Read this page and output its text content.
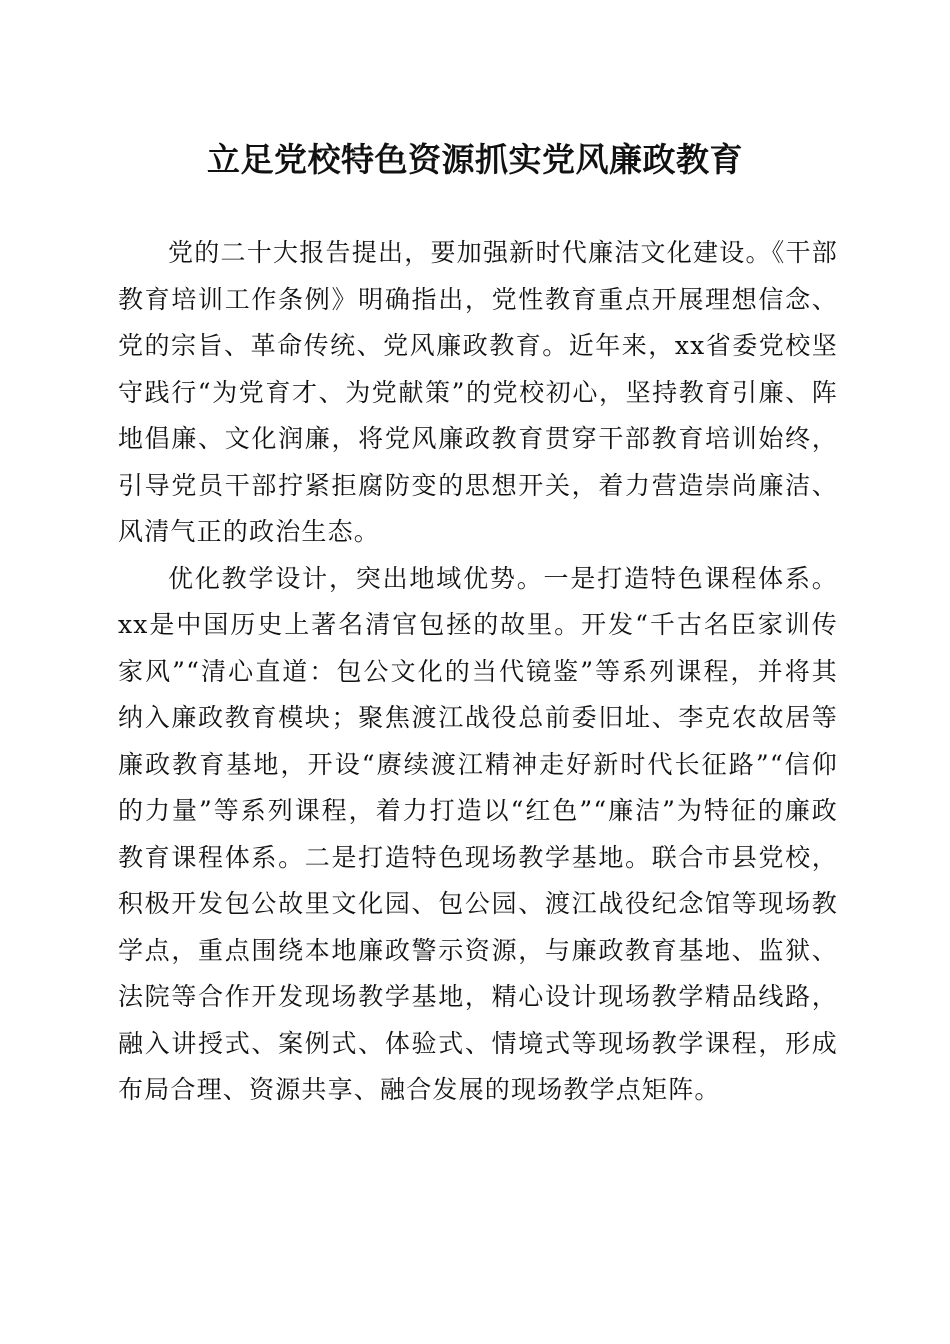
立足党校特色资源抓实党风廉政教育

党的二十大报告提出，要加强新时代廉洁文化建设。《干部教育培训工作条例》明确指出，党性教育重点开展理想信念、党的宗旨、革命传统、党风廉政教育。近年来，xx省委党校坚守践行“为党育才、为党献策”的党校初心，坚持教育引廉、阵地倡廉、文化润廉，将党风廉政教育贯穿干部教育培训始终，引导党员干部拧紧拒腐防变的思想开关，着力营造崇尚廉洁、风清气正的政治生态。

优化教学设计，突出地域优势。一是打造特色课程体系。xx是中国历史上著名清官包拯的故里。开发“千古名臣家训传家风”“清心直道：包公文化的当代镜鉴”等系列课程，并将其纳入廉政教育模块；聚焦渡江战役总前委旧址、李克农故居等廉政教育基地，开设“赓续渡江精神走好新时代长征路”“信仰的力量”等系列课程，着力打造以“红色”“廉洁”为特征的廉政教育课程体系。二是打造特色现场教学基地。联合市县党校，积极开发包公故里文化园、包公园、渡江战役纪念馆等现场教学点，重点围绕本地廉政警示资源，与廉政教育基地、监狱、法院等合作开发现场教学基地，精心设计现场教学精品线路，融入讲授式、案例式、体验式、情境式等现场教学课程，形成布局合理、资源共享、融合发展的现场教学点矩阵。
